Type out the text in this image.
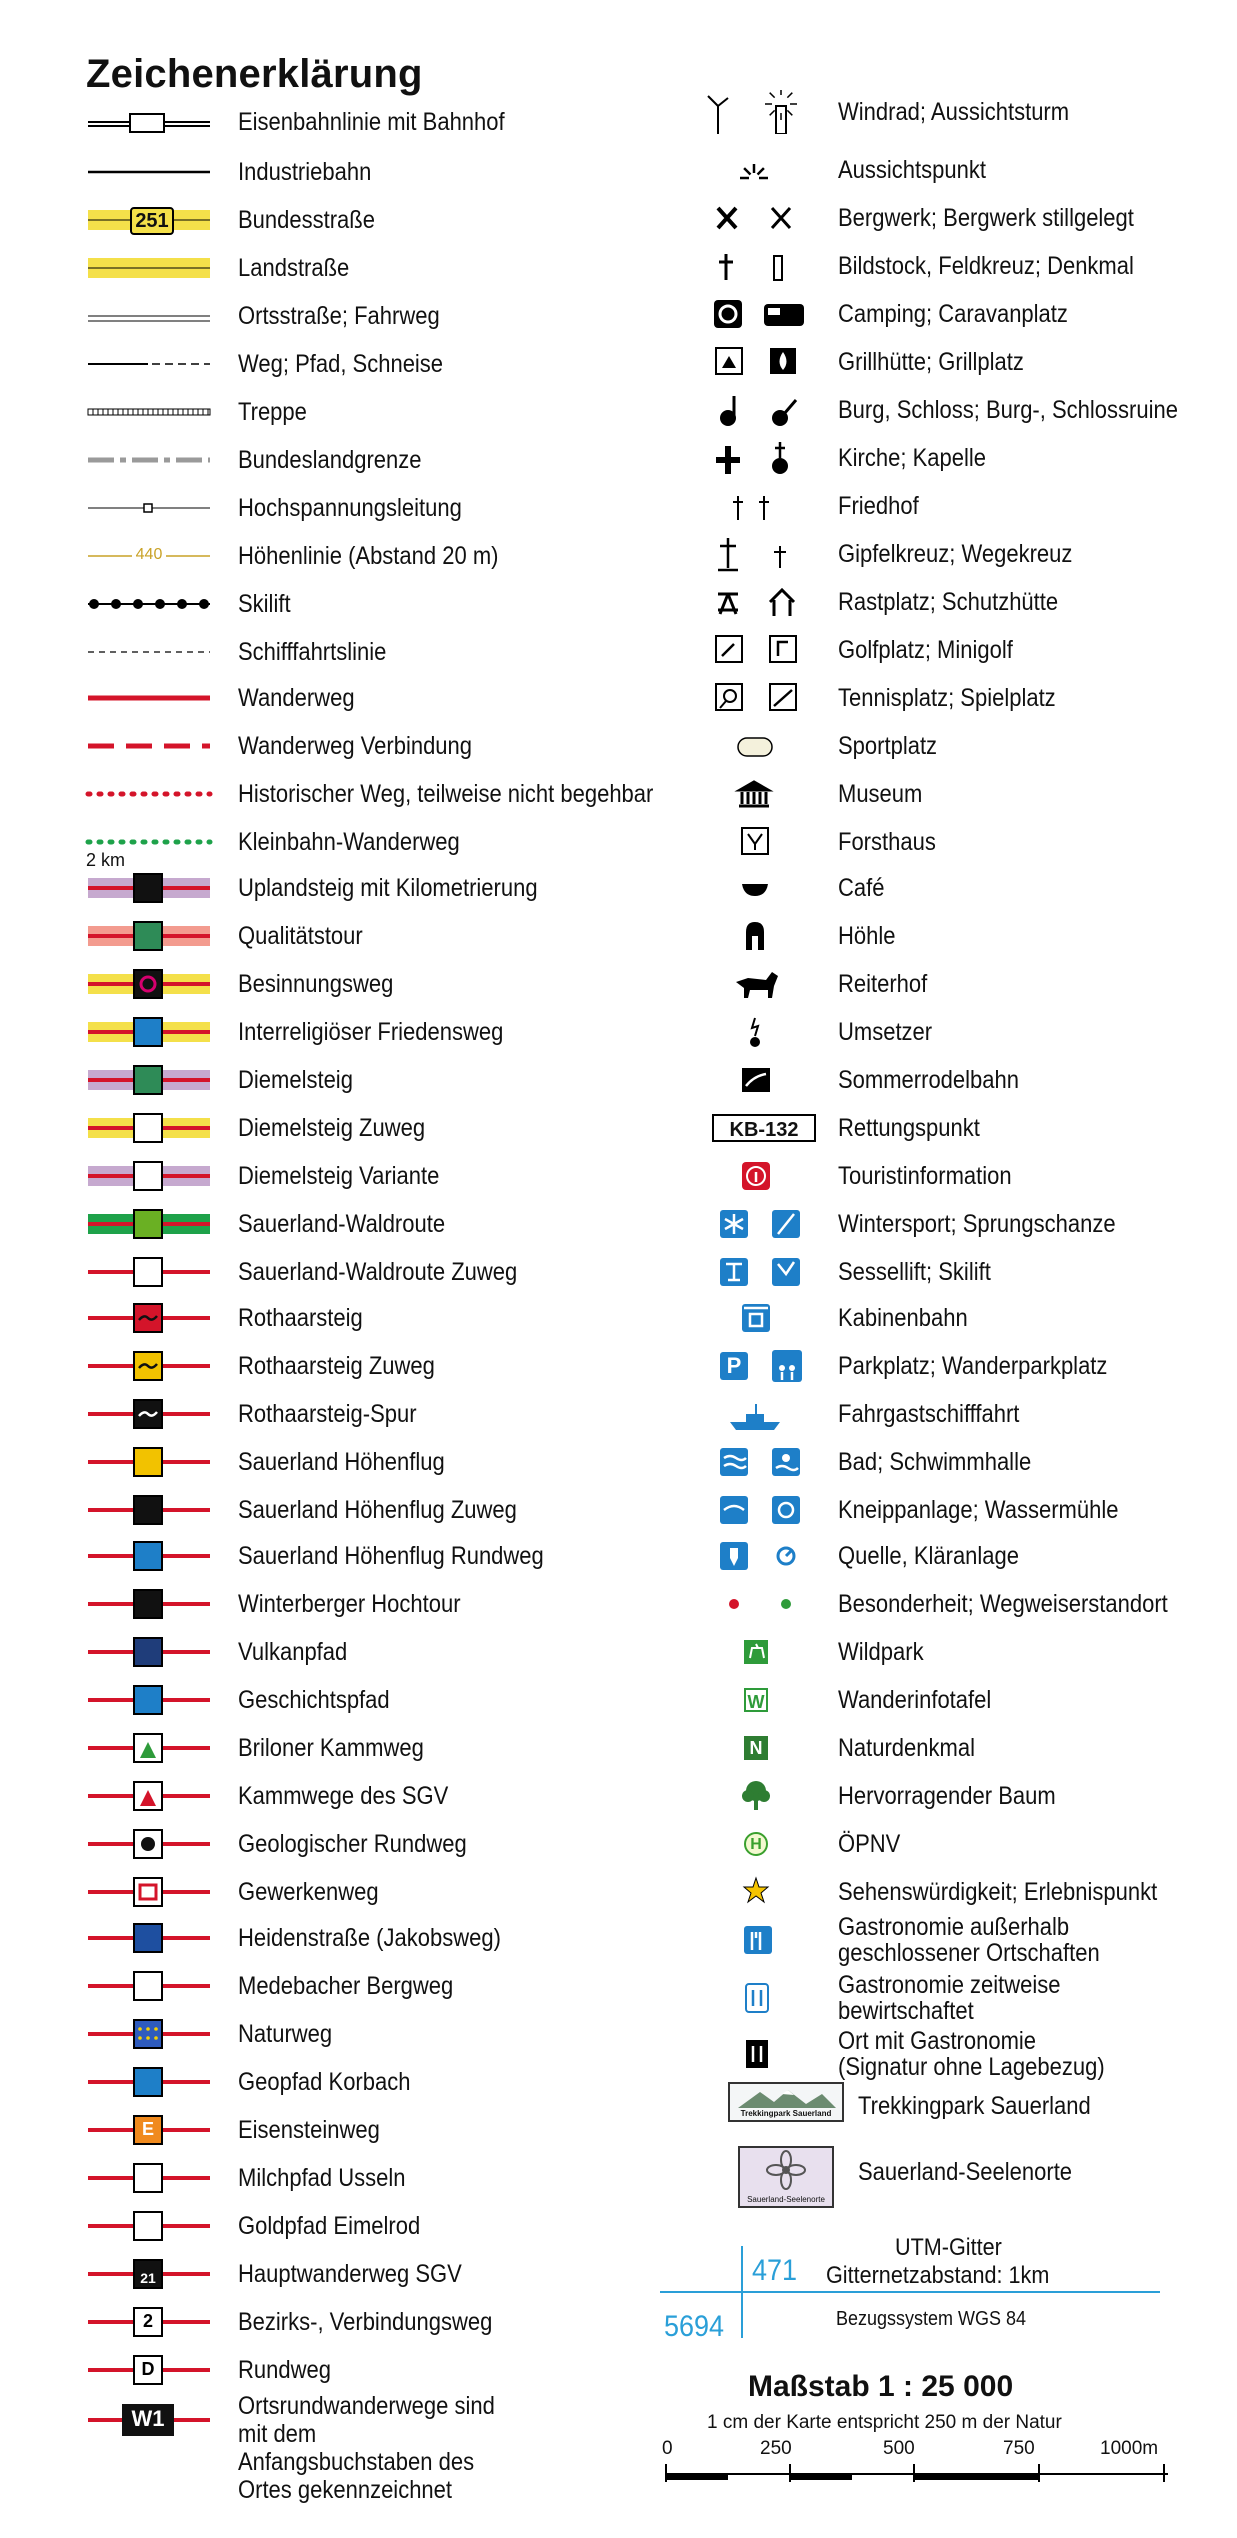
Zeichenerklärung
Eisenbahnlinie mit Bahnhof
Industriebahn
251	Bundesstraße
Landstraße
Ortsstraße; Fahrweg
Weg; Pfad, Schneise
Treppe
Bundeslandgrenze
Hochspannungsleitung
440	Höhenlinie (Abstand 20 m)
Skilift
Schifffahrtslinie
Wanderweg
Wanderweg Verbindung
Historischer Weg, teilweise nicht begehbar
Kleinbahn-Wanderweg
Uplandsteig mit Kilometrierung
Qualitätstour
Besinnungsweg
Interreligiöser Friedensweg
Diemelsteig
Diemelsteig Zuweg
Diemelsteig Variante
Sauerland-Waldroute
Sauerland-Waldroute Zuweg
Rothaarsteig
Rothaarsteig Zuweg
Rothaarsteig-Spur
Sauerland Höhenflug
Sauerland Höhenflug Zuweg
Sauerland Höhenflug Rundweg
Winterberger Hochtour
Vulkanpfad
Geschichtspfad
Briloner Kammweg
Kammwege des SGV
Geologischer Rundweg
Gewerkenweg
Heidenstraße (Jakobsweg)
Medebacher Bergweg
Naturweg
Geopfad Korbach
E	Eisensteinweg
Milchpfad Usseln
Goldpfad Eimelrod
21	Hauptwanderweg SGV
2	Bezirks-, Verbindungsweg
D	Rundweg
W1	Ortsrundwanderwege sind mit dem Anfangsbuchstaben des Ortes gekennzeichnet
Windrad; Aussichtsturm
Aussichtspunkt
Bergwerk; Bergwerk stillgelegt
Bildstock, Feldkreuz; Denkmal
Camping; Caravanplatz
Grillhütte; Grillplatz
Burg, Schloss; Burg-, Schlossruine
Kirche; Kapelle
Friedhof
Gipfelkreuz; Wegekreuz
Rastplatz; Schutzhütte
Golfplatz; Minigolf
Tennisplatz; Spielplatz
Sportplatz
Museum
Forsthaus
Café
Höhle
Reiterhof
Umsetzer
Sommerrodelbahn
KB-132	Rettungspunkt
Touristinformation
Wintersport; Sprungschanze
Sessellift; Skilift
Kabinenbahn
P	Parkplatz; Wanderparkplatz
Fahrgastschifffahrt
Bad; Schwimmhalle
Kneippanlage; Wassermühle
Quelle, Kläranlage
Besonderheit; Wegweiserstandort
Wildpark
W	Wanderinfotafel
N	Naturdenkmal
Hervorragender Baum
H	ÖPNV
Sehenswürdigkeit; Erlebnispunkt
Gastronomie außerhalb geschlossener Ortschaften
Gastronomie zeitweise bewirtschaftet
Ort mit Gastronomie (Signatur ohne Lagebezug)
2 km
Trekkingpark Sauerland	Trekkingpark Sauerland
Sauerland-Seelenorte
Sauerland-Seelenorte
471
5694
UTM-Gitter
Gitternetzabstand: 1km
Bezugssystem WGS 84
Maßstab 1 : 25 000
1 cm der Karte entspricht 250 m der Natur
0	250	500	750	1000m
